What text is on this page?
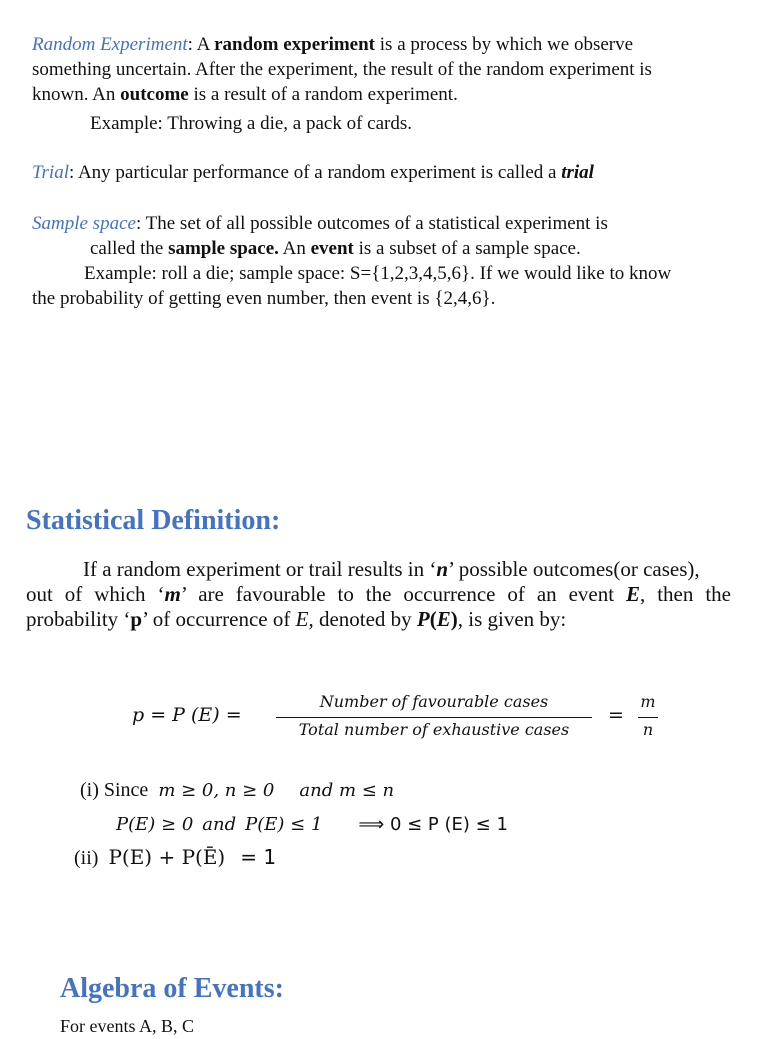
Random Experiment: A random experiment is a process by which we observe
something uncertain. After the experiment, the result of the random experiment is
known. An outcome is a result of a random experiment.
Example: Throwing a die, a pack of cards.
Trial: Any particular performance of a random experiment is called a trial
Sample space: The set of all possible outcomes of a statistical experiment is
called the sample space. An event is a subset of a sample space.
Example: roll a die; sample space: S={1,2,3,4,5,6}. If we would like to know
the probability of getting even number, then event is {2,4,6}.
Statistical Definition:
If a random experiment or trail results in ‘n’ possible outcomes(or cases),
out of which ‘m’ are favourable to the occurrence of an event E, then the
probability ‘p’ of occurrence of E, denoted by P(E), is given by:
p = P (E) =
Number of favourable cases
Total number of exhaustive cases
=
m
n
(i) Since m ≥ 0, n ≥ 0 and m ≤ n
P(E) ≥ 0 and P(E) ≤ 1 ⟹ 0 ≤ P (E) ≤ 1
(ii) P(E) + P(Ē) = 1
Algebra of Events:
For events A, B, C
